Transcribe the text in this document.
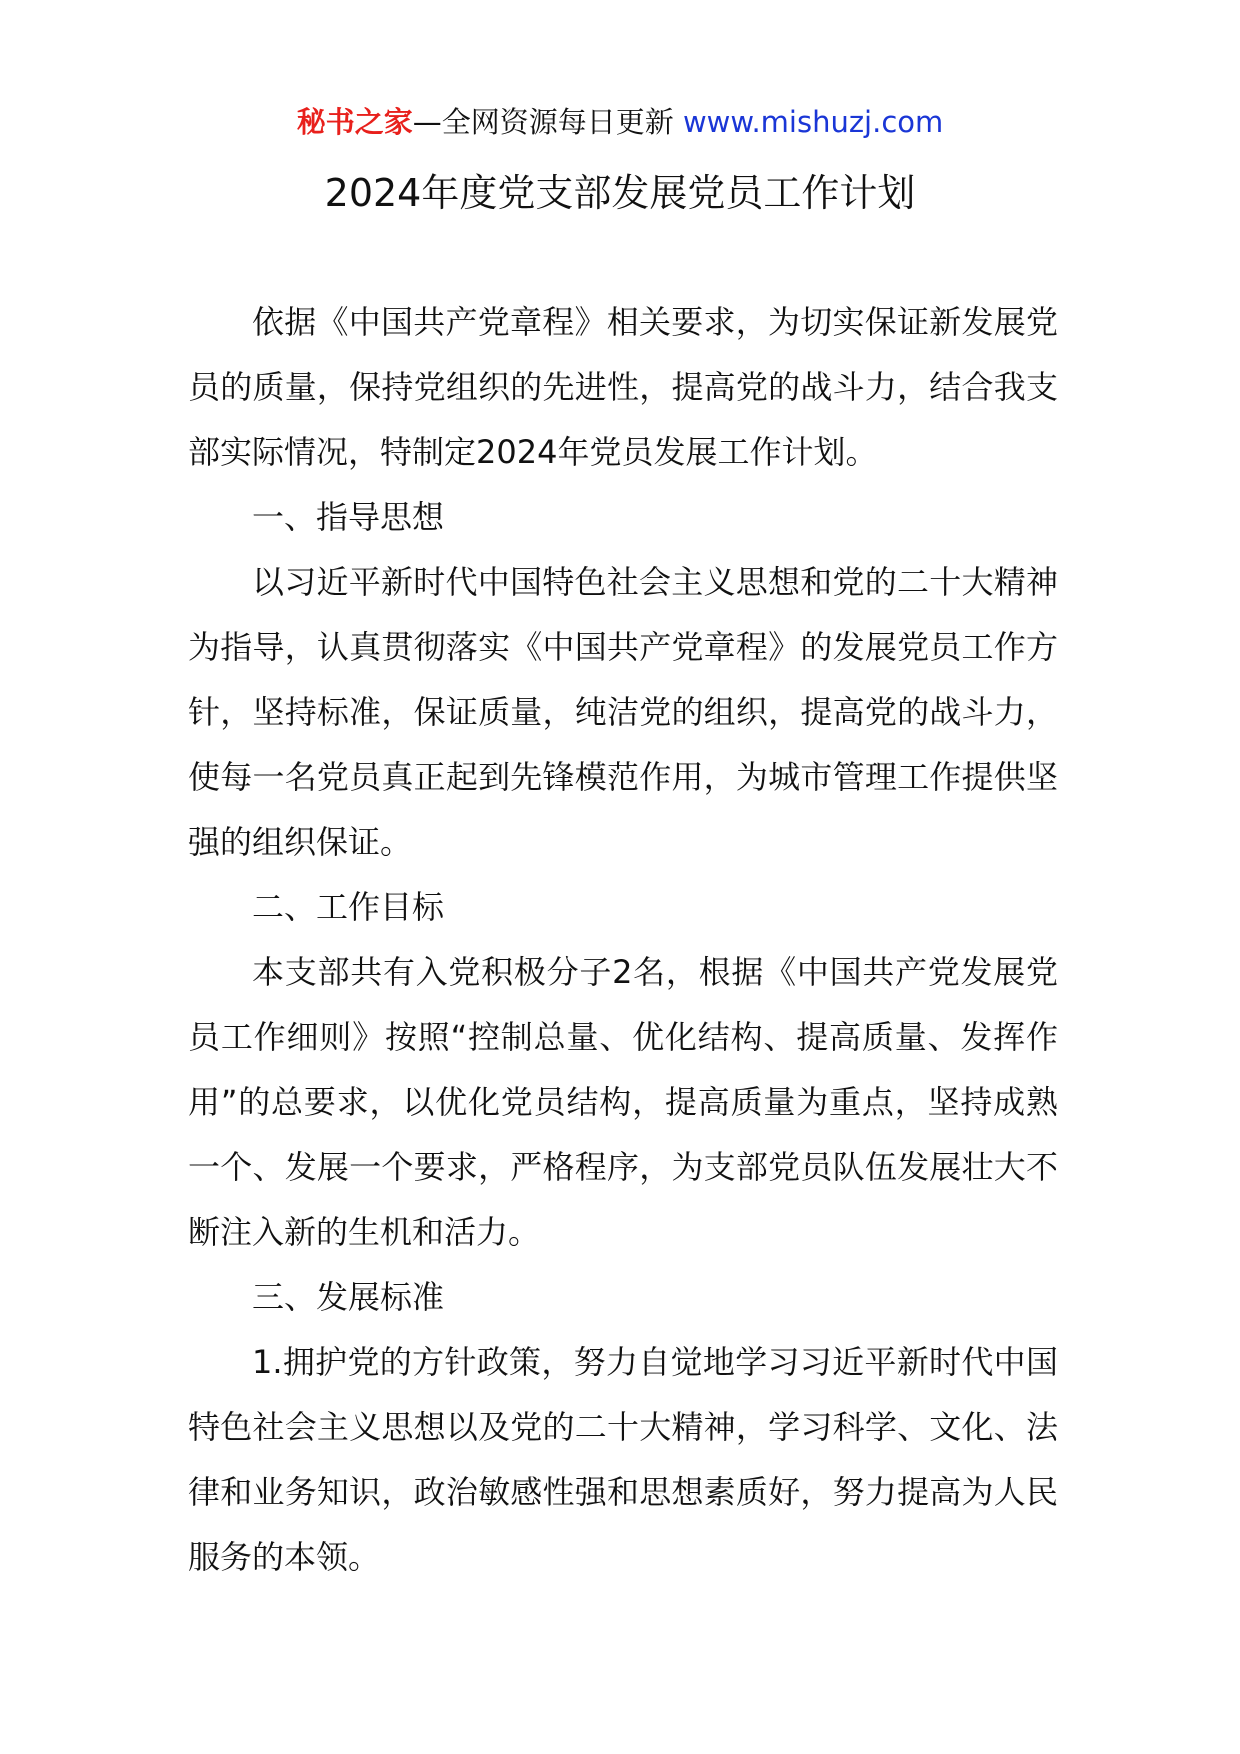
秘书之家—全网资源每日更新 www.mishuzj.com
2024年度党支部发展党员工作计划

依据《中国共产党章程》相关要求，为切实保证新发展党员的质量，保持党组织的先进性，提高党的战斗力，结合我支部实际情况，特制定2024年党员发展工作计划。

一、指导思想

以习近平新时代中国特色社会主义思想和党的二十大精神为指导，认真贯彻落实《中国共产党章程》的发展党员工作方针，坚持标准，保证质量，纯洁党的组织，提高党的战斗力，使每一名党员真正起到先锋模范作用，为城市管理工作提供坚强的组织保证。

二、工作目标

本支部共有入党积极分子2名，根据《中国共产党发展党员工作细则》按照“控制总量、优化结构、提高质量、发挥作用”的总要求，以优化党员结构，提高质量为重点，坚持成熟一个、发展一个要求，严格程序，为支部党员队伍发展壮大不断注入新的生机和活力。

三、发展标准

1.拥护党的方针政策，努力自觉地学习习近平新时代中国特色社会主义思想以及党的二十大精神，学习科学、文化、法律和业务知识，政治敏感性强和思想素质好，努力提高为人民服务的本领。
